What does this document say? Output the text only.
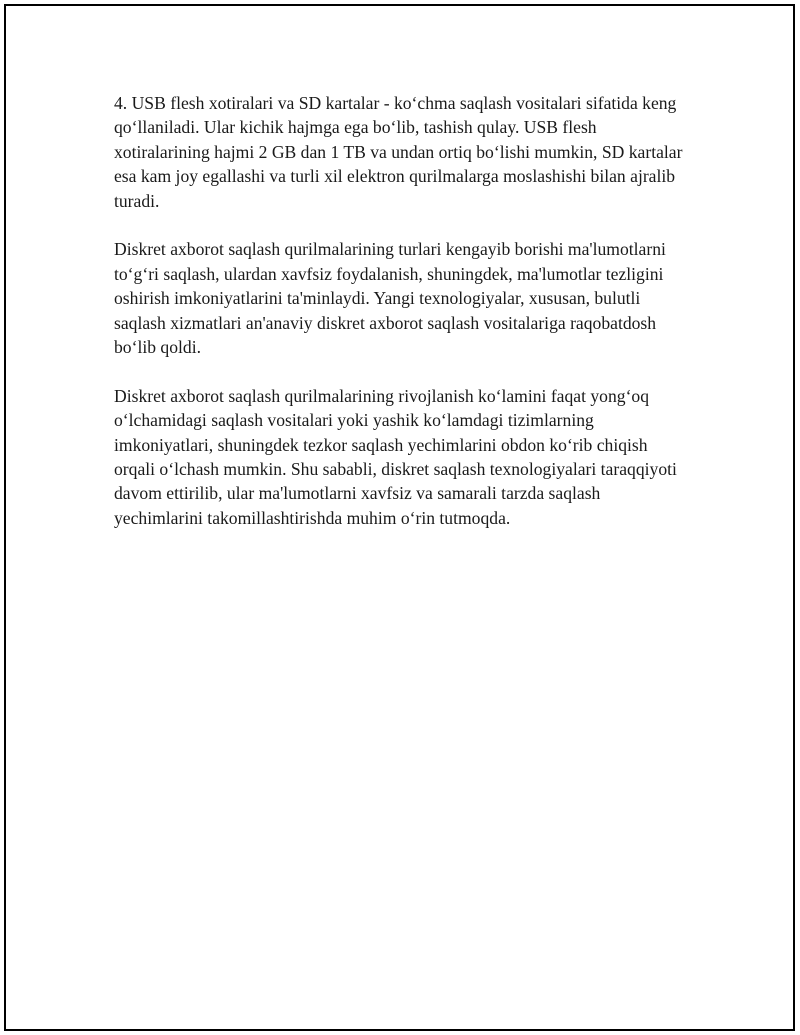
4. USB flesh xotiralari va SD kartalar - koʻchma saqlash vositalari sifatida keng qoʻllaniladi. Ular kichik hajmga ega boʻlib, tashish qulay. USB flesh xotiralarining hajmi 2 GB dan 1 TB va undan ortiq boʻlishi mumkin, SD kartalar esa kam joy egallashi va turli xil elektron qurilmalarga moslashishi bilan ajralib turadi.

Diskret axborot saqlash qurilmalarining turlari kengayib borishi ma'lumotlarni toʻgʻri saqlash, ulardan xavfsiz foydalanish, shuningdek, ma'lumotlar tezligini oshirish imkoniyatlarini ta'minlaydi. Yangi texnologiyalar, xususan, bulutli saqlash xizmatlari an'anaviy diskret axborot saqlash vositalariga raqobatdosh boʻlib qoldi.

Diskret axborot saqlash qurilmalarining rivojlanish koʻlamini faqat yongʻoq oʻlchamidagi saqlash vositalari yoki yashik koʻlamdagi tizimlarning imkoniyatlari, shuningdek tezkor saqlash yechimlarini obdon koʻrib chiqish orqali oʻlchash mumkin. Shu sababli, diskret saqlash texnologiyalari taraqqiyoti davom ettirilib, ular ma'lumotlarni xavfsiz va samarali tarzda saqlash yechimlarini takomillashtirishda muhim oʻrin tutmoqda.
